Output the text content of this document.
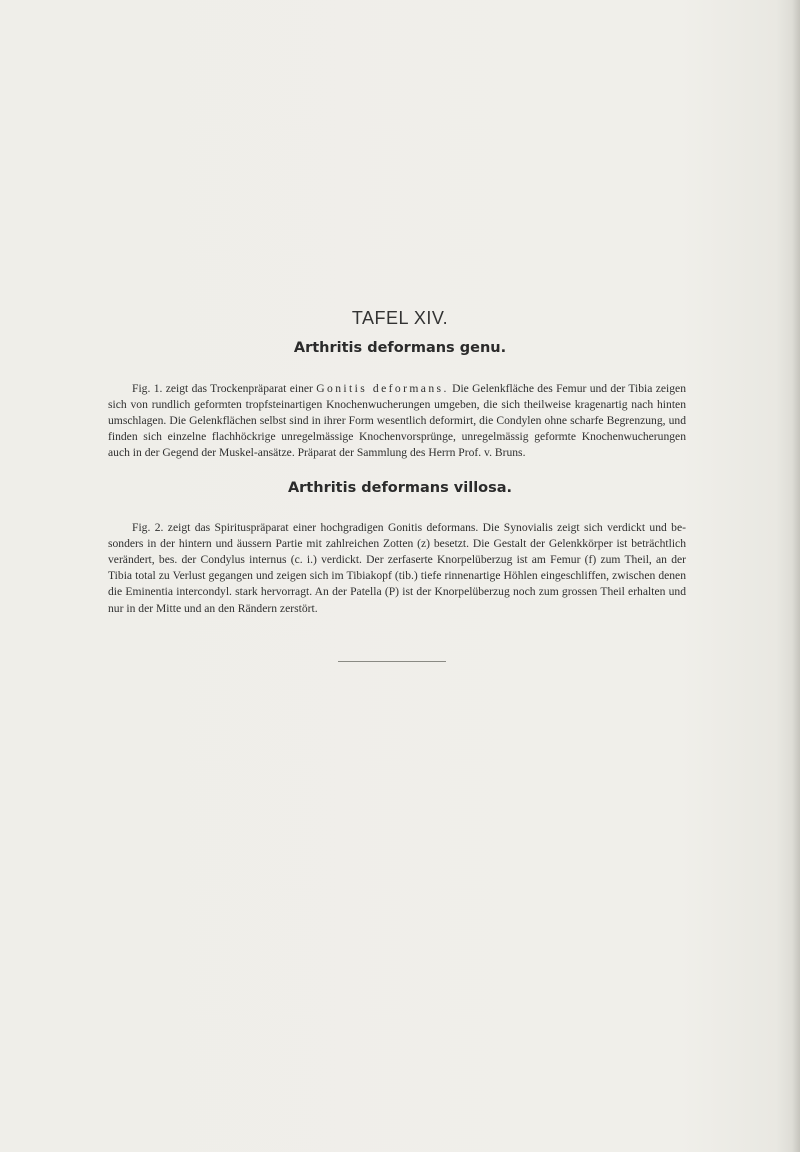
TAFEL XIV.
Arthritis deformans genu.

Fig. 1. zeigt das Trockenpräparat einer Gonitis deformans. Die Gelenkfläche des Femur und der Tibia zeigen sich von rundlich geformten tropfsteinartigen Knochenwucherungen umgeben, die sich theilweise kragenartig nach hinten umschlagen. Die Gelenkflächen selbst sind in ihrer Form wesentlich deformirt, die Condylen ohne scharfe Begrenzung, und finden sich einzelne flachhöckrige unregelmässige Knochenvorsprünge, unregelmässig geformte Knochenwucherungen auch in der Gegend der Muskel-ansätze. Präparat der Sammlung des Herrn Prof. v. Bruns.

Arthritis deformans villosa.

Fig. 2. zeigt das Spirituspräparat einer hochgradigen Gonitis deformans. Die Synovialis zeigt sich verdickt und be-sonders in der hintern und äussern Partie mit zahlreichen Zotten (z) besetzt. Die Gestalt der Gelenkkörper ist beträchtlich verändert, bes. der Condylus internus (c. i.) verdickt. Der zerfaserte Knorpelüberzug ist am Femur (f) zum Theil, an der Tibia total zu Verlust gegangen und zeigen sich im Tibiakopf (tib.) tiefe rinnenartige Höhlen eingeschliffen, zwischen denen die Eminentia intercondyl. stark hervorragt. An der Patella (P) ist der Knorpelüberzug noch zum grossen Theil erhalten und nur in der Mitte und an den Rändern zerstört.
